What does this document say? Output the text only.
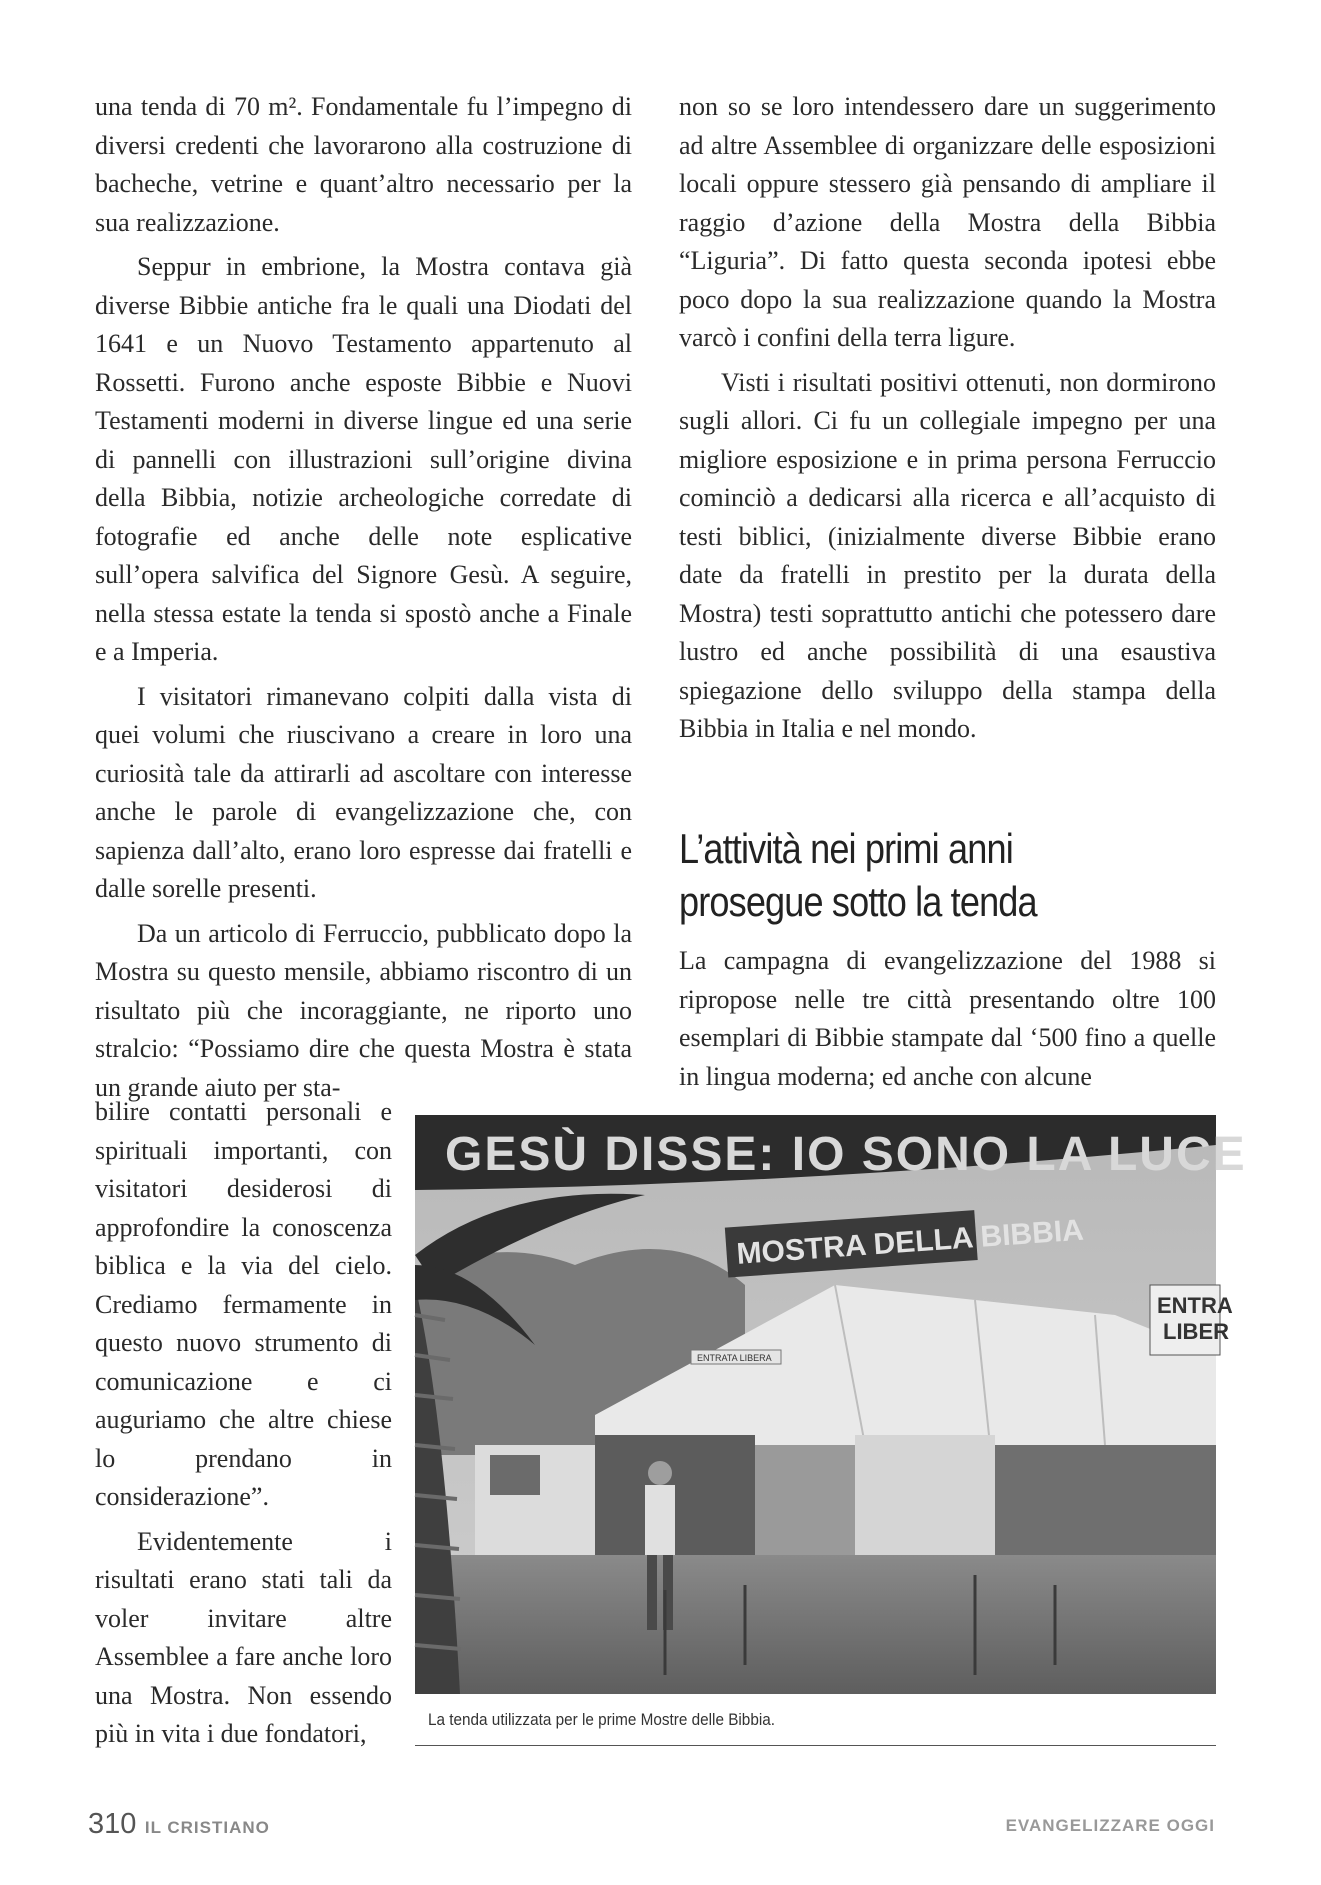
una tenda di 70 m². Fondamentale fu l’impegno di diversi credenti che lavorarono alla costruzione di bacheche, vetrine e quant’altro necessario per la sua realizzazione.

Seppur in embrione, la Mostra contava già diverse Bibbie antiche fra le quali una Diodati del 1641 e un Nuovo Testamento appartenuto al Rossetti. Furono anche esposte Bibbie e Nuovi Testamenti moderni in diverse lingue ed una serie di pannelli con illustrazioni sull’origine divina della Bibbia, notizie archeologiche corredate di fotografie ed anche delle note esplicative sull’opera salvifica del Signore Gesù. A seguire, nella stessa estate la tenda si spostò anche a Finale e a Imperia.

I visitatori rimanevano colpiti dalla vista di quei volumi che riuscivano a creare in loro una curiosità tale da attirarli ad ascoltare con interesse anche le parole di evangelizzazione che, con sapienza dall’alto, erano loro espresse dai fratelli e dalle sorelle presenti.

Da un articolo di Ferruccio, pubblicato dopo la Mostra su questo mensile, abbiamo riscontro di un risultato più che incoraggiante, ne riporto uno stralcio: “Possiamo dire che questa Mostra è stata un grande aiuto per sta-

bilire contatti personali e spirituali importanti, con visitatori desiderosi di approfondire la conoscenza biblica e la via del cielo. Crediamo fermamente in questo nuovo strumento di comunicazione e ci auguriamo che altre chiese lo prendano in considerazione”.

Evidentemente i risultati erano stati tali da voler invitare altre Assemblee a fare anche loro una Mostra. Non essendo più in vita i due fondatori,

non so se loro intendessero dare un suggerimento ad altre Assemblee di organizzare delle esposizioni locali oppure stessero già pensando di ampliare il raggio d’azione della Mostra della Bibbia “Liguria”. Di fatto questa seconda ipotesi ebbe poco dopo la sua realizzazione quando la Mostra varcò i confini della terra ligure.

Visti i risultati positivi ottenuti, non dormirono sugli allori. Ci fu un collegiale impegno per una migliore esposizione e in prima persona Ferruccio cominciò a dedicarsi alla ricerca e all’acquisto di testi biblici, (inizialmente diverse Bibbie erano date da fratelli in prestito per la durata della Mostra) testi soprattutto antichi che potessero dare lustro ed anche possibilità di una esaustiva spiegazione dello sviluppo della stampa della Bibbia in Italia e nel mondo.

L’attività nei primi anni prosegue sotto la tenda

La campagna di evangelizzazione del 1988 si ripropose nelle tre città presentando oltre 100 esemplari di Bibbie stampate dal ‘500 fino a quelle in lingua moderna; ed anche con alcune

GESÙ DISSE: IO SONO LA LUCE
MOSTRA DELLA BIBBIA
ENTRATA LIBERA
ENTRA
LIBER
La tenda utilizzata per le prime Mostre delle Bibbia.
310 IL CRISTIANO	EVANGELIZZARE OGGI
